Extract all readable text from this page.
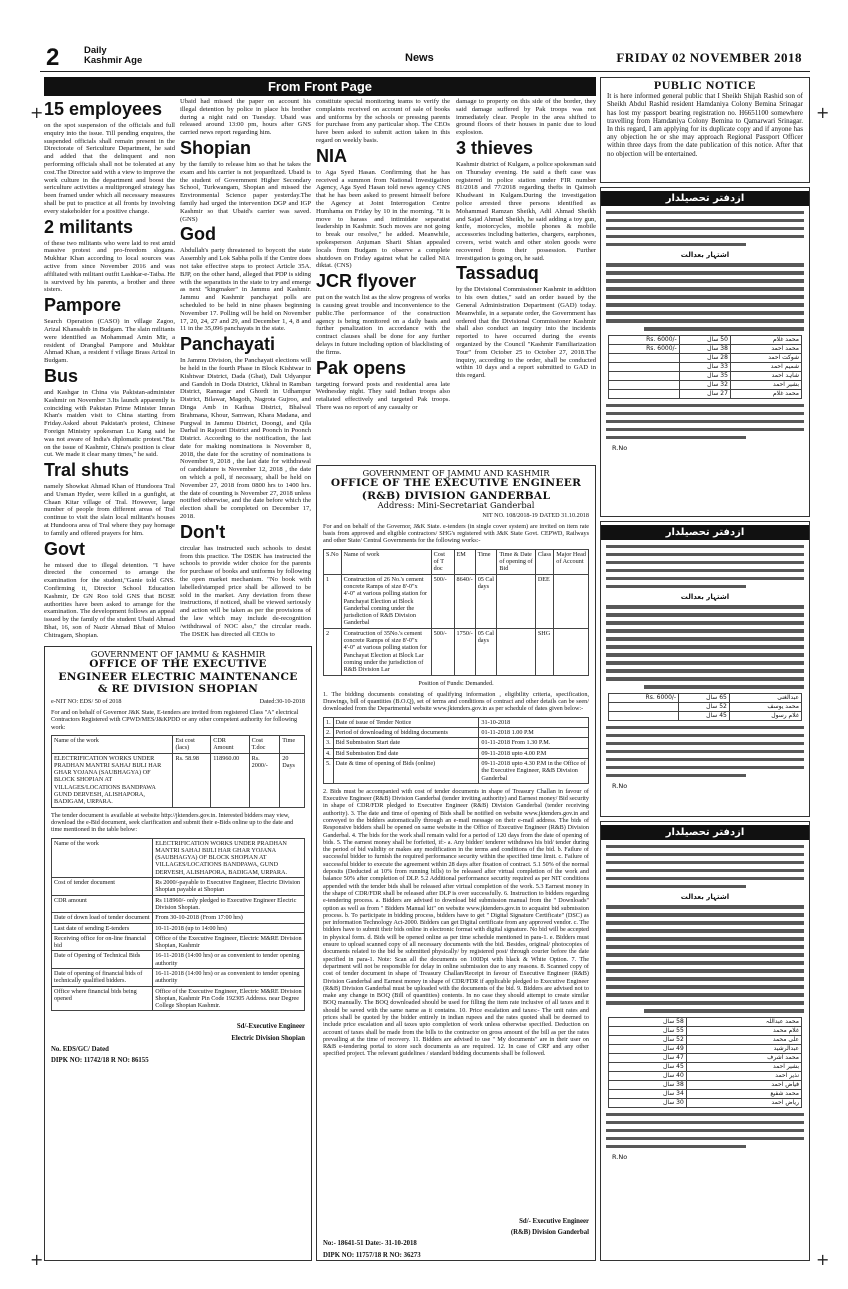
2	Daily
Kashmir Age	News	FRIDAY 02 NOVEMBER 2018
From Front Page
15 employees

on the spot suspension of the officials and full enquiry into the issue. Till pending enquires, the suspended officials shall remain present in the Directorate of Sericulture Department, he said and added that the delinquent and non performing officials shall not be tolerated at any cost.The Director said with a view to improve the work culture in the department and boost the sericulture activities a multipronged strategy has been framed under which all necessary measures shall be put to practice at all fronts by involving every stakeholder for a positive change.

2 militants

of these two militants who were laid to rest amid massive protest and pro-freedom slogans. Mukhtar Khan according to local sources was active from since November 2016 and was affiliated with militant outfit Lashkar-e-Taiba. He is survived by his parents, a brother and three sisters.

Pampore

Search Operation (CASO) in village Zagoo, Arizal Khansahib in Budgam. The slain militants were identified as Mohammad Amin Mir, a resident of Drangbal Pampore and Mukhtar Ahmad Khan, a resident f village Brass Arizal in Budgam.

Bus

and Kashgar in China via Pakistan-administer Kashmir on November 3.Its launch apparently is coinciding with Pakistan Prime Minister Imran Khan's maiden visit to China starting from Friday.Asked about Pakistan's protest, Chinese Foreign Ministry spokesman Lu Kang said he was not aware of India's diplomatic protest."But on the issue of Kashmir, China's position is clear cut. We made it clear many times," he said.

Tral shuts

namely Showkat Ahmad Khan of Hundoora Tral and Usman Hyder, were killed in a gunfight, at Chaan Kitar village of Tral. However, large number of people from different areas of Tral continue to visit the slain local militant's houses at Hundoora area of Tral where they pay homage to family and offered prayers for him.

Govt

he missed due to illegal detention. "I have directed the concerned to arrange the examination for the student,"Ganie told GNS. Confirming it, Director School Education Kashmir, Dr GN Roo told GNS that BOSE authorities have been asked to arrange for the examination. The development follows an appeal issued by the family of the student Ubaid Ahmad Bhat, 16, son of Nazir Ahmad Bhat of Muloo Chitragam, Shopian.

Ubaid had missed the paper on account his illegal detention by police in place his brother during a night raid on Tuesday. Ubaid was released around 13:00 pm, hours after GNS carried news report regarding him.

Shopian

by the family to release him so that he takes the exam and his carrier is not jeopardized. Ubaid is the student of Government Higher Secondary School, Turkwangam, Shopian and missed the Environmental Science paper yesterday.The family had urged the intervention DGP and IGP Kashmir so that Ubaid's carrier was saved. (GNS)

God

Abdullah's party threatened to boycott the state Assembly and Lok Sabha polls if the Centre does not take effective steps to protect Article 35A. BJP, on the other hand, alleged that PDP is siding with the separatists in the state to try and emerge as next "kingmaker" in Jammu and Kashmir. Jammu and Kashmir panchayat polls are scheduled to be held in nine phases beginning November 17. Polling will be held on November 17, 20, 24, 27 and 29, and December 1, 4, 8 and 11 in the 35,096 panchayats in the state.

Panchayati

In Jammu Division, the Panchayati elections will be held in the fourth Phase in Block Kishtwar in Kishtwar District, Dada (Ghat), Dali Udyanpur and Gandoh in Doda District, Ukhral in Ramban District, Rannagar and Ghordi in Udhampur District, Bilawar, Magoth, Nagrota Gujroo, and Dinga Amb in Kathua District, Bhalwal Brahmana, Khour, Samwan, Khara Madana, and Purgwal in Jammu District, Doongi, and Qila Darhal in Rajouri District and Poonch in Poonch District. According to the notification, the last date for making nominations is November 8, 2018, the date for the scrutiny of nominations is November 9, 2018 , the last date for withdrawal of candidature is November 12, 2018 , the date on which a poll, if necessary, shall be held on November 27, 2018 from 0800 hrs to 1400 hrs. the date of counting is November 27, 2018 unless notified otherwise, and the date before which the election shall be completed on December 17, 2018.

Don't

circular has instructed such schools to desist from this practice. The DSEK has instructed the schools to provide wider choice for the parents for purchase of books and uniforms by following the open market mechanism. "No book with labelled/stamped price shall be allowed to be sold in the market. Any deviation from these instructions, if noticed, shall be viewed seriously and action will be taken as per the provisions of the law which may include de-recognition /withdrawal of NOC also," the circular reads. The DSEK has directed all CEOs to

constitute special monitoring teams to verify the complaints received on account of sale of books and uniforms by the schools or pressing parents for purchase from any particular shop. The CEOs have been asked to submit action taken in this regard on weekly basis.

NIA

to Aga Syed Hasan. Confirming that he has received a summon from National Investigation Agency, Aga Syed Hasan told news agency CNS that he has been asked to present himself before the Agency at Joint Interrogation Centre Humhama on Friday by 10 in the morning. "It is move to harass and intimidate separatist leadership in Kashmir. Such moves are not going to break our resolve," he added. Meanwhile, spokesperson Anjuman Sharii Shian appealed locals from Budgam to observe a complete shutdown on Friday against what he called NIA diktat. (CNS)

JCR flyover

put on the watch list as the slow progress of works is causing great trouble and inconvenience to the public.The performance of the construction agency is being monitored on a daily basis and further penalization in accordance with the contract clauses shall be done for any further delays in future including option of blacklisting of the firms.

Pak opens

targeting forward posts and residential area late Wednesday night. They said Indian troops also retaliated effectively and targeted Pak troops. There was no report of any casualty or

damage to property on this side of the border, they said damage suffered by Pak troops was not immediately clear. People in the area shifted to ground floors of their houses in panic due to loud explosion.

3 thieves

Kashmir district of Kulgam, a police spokesman said on Thursday evening. He said a theft case was registered in police station under FIR number 81/2018 and 77/2018 regarding thefts in Qaimoh Khudwani in Kulgam.During the investigation police arrested three persons identified as Mohammad Ramzan Sheikh, Adil Ahmad Sheikh and Sajad Ahmad Sheikh, he said adding a toy gun, knife, motorcycles, mobile phones & mobile accessories including batteries, chargers, earphones, covers, wrist watch and other stolen goods were recovered from their possession. Further investigation is going on, he said.

Tassaduq

by the Divisional Commissioner Kashmir in addition to his own duties," said an order issued by the General Administration Department (GAD) today. Meanwhile, in a separate order, the Government has ordered that the Divisional Commissioner Kashmir shall also conduct an inquiry into the incidents reported to have occurred during the events organized by the Council "Kashmir Familiarization Tour" from October 25 to October 27, 2018.The inquiry, according to the order, shall be conducted within 10 days and a report submitted to GAD in this regard.

GOVERNMENT OF JAMMU & KASHMIR
OFFICE OF THE EXECUTIVE
ENGINEER ELECTRIC MAINTENANCE
& RE DIVISION SHOPIAN
e-NIT NO: EDS/ 50 of 2018	Dated:30-10-2018
For and on behalf of Governor J&K State, E-tenders are invited from registered Class "A" electrical Contractors Registered with CPWD/MES/J&KPDD or any other competent authority for following work:
Name of the work	Est cost (lacs)	CDR Amount	Cost T.doc	Time
ELECTRIFICATION WORKS UNDER PRADHAN MANTRI SAHAJ BIJLI HAR GHAR YOJANA (SAUBHAGYA) OF BLOCK SHOPIAN AT VILLAGES/LOCATIONS BANDPAWA GUND DERVESH, ALISHAPORA, BADIGAM, URPARA.	Rs. 58.98	118960.00	Rs. 2000/-	20 Days
The tender document is available at website http://jktenders.gov.in. Interested bidders may view, download the e-Bid document, seek clarification and submit their e-Bids online up to the date and time mentioned in the table below:
Name of the work	ELECTRIFICATION WORKS UNDER PRADHAN MANTRI SAHAJ BIJLI HAR GHAR YOJANA (SAUBHAGYA) OF BLOCK SHOPIAN AT VILLAGES/LOCATIONS BANDPAWA, GUND DERVESH, ALISHAPORA, BADIGAM, URPARA.
Cost of tender document	Rs 2000/-payable to Executive Engineer, Electric Division Shopian payable at Shopian
CDR amount	Rs 118960/- only pledged to Executive Engineer Electric Division Shopian.
Date of down load of tender document	From 30-10-2018 (From 17:00 hrs)
Last date of sending E-tenders	10-11-2018 (up to 14:00 hrs)
Receiving office for on-line financial bid	Office of the Executive Engineer, Electric M&RE Division Shopian, Kashmir
Date of Opening of Technical Bids	16-11-2018 (14:00 hrs) or as convenient to tender opening authority
Date of opening of financial bids of technically qualified bidders.	16-11-2018 (14:00 hrs) or as convenient to tender opening authority
Office where financial bids being opened	Office of the Executive Engineer, Electric M&RE Division Shopian, Kashmir Pin Code 192305 Address. near Degree College Shopian Kashmir.
Sd/-Executive Engineer
Electric Division Shopian
No. EDS/GC/ Dated
DIPK NO: 11742/18 R NO: 86155
GOVERNMENT OF JAMMU AND KASHMIR
OFFICE OF THE EXECUTIVE ENGINEER
(R&B) DIVISION GANDERBAL
Address: Mini-Secretariat Ganderbal
NIT NO. 108/2018-19 DATED 31.10.2018
For and on behalf of the Governor, J&K State. e-tenders (in single cover system) are invited on item rate basis from approved and eligible contractors/ SHG's registered with J&K State Govt. CEPWD, Railways and other State/ Central Governments for the following works:-
S.No	Name of work	Cost of T doc	EM	Time	Time & Date of opening of Bid	Class	Major Head of Account
1	Construction of 26 No.'s cement concrete Ramps of size 8'-0"x 4'-0" at various polling station for Panchayat Election at Block Ganderbal coming under the jurisdiction of R&B Division Ganderbal	500/-	8640/-	05 Cal days		DEE	
2	Construction of 35No.'s cement concrete Ramps of size 8'-0"x 4'-0" at various polling station for Panchayat Election at Block Lar coming under the jurisdiction of R&B Division Lar	500/-	1750/-	05 Cal days		SHG	
Position of Funds: Demanded.
1. The bidding documents consisting of qualifying information , eligibility criteria, specification, Drawings, bill of quantities (B.O.Q), set of terms and conditions of contract and other details can be seen/ downloaded from the Departmental website www.jktenders.gov.in as per schedule of dates given below:-
1.	Date of issue of Tender Notice	31-10-2018
2.	Period of downloading of bidding documents	01-11-2018 1.00 P.M
3.	Bid Submission Start date	01-11-2018 From 1.30 P.M.
4.	Bid Submission End date	09-11-2018 upto 4.00 P.M
5.	Date & time of opening of Bids (online)	09-11-2018 upto 4.30 P.M in the Office of the Executive Engineer, R&B Division Ganderbal
2. Bids must be accompanied with cost of tender documents in shape of Treasury Challan in favour of Executive Engineer (R&B) Division Ganderbal (tender inviting authority) and Earnest money/ Bid security in shape of CDR/FDR pledged to Executive Engineer (R&B) Division Ganderbal (tender receiving authority). 3. The date and time of opening of Bids shall be notified on website www.jktenders.gov.in and conveyed to the bidders automatically through an e-mail message on their e-mail address. The bids of Responsive bidders shall be opened on same website in the Office of Executive Engineer (R&B) Division Ganderbal. 4. The bids for the work shall remain valid for a period of 120 days from the date of opening of bids. 5. The earnest money shall be forfeited, if:- a. Any bidder/ tenderer withdraws his bid/ tender during the period of bid validity or makes any modification in the terms and conditions of the bid. b. Failure of successful bidder to furnish the required performance security within the specified time limit. c. Failure of successful bidder to execute the agreement within 28 days after fixation of contract. 5.1 50% of the normal deposits (Deducted at 10% from running bills) to be released after virtual completion of the work and balance 50% after completion of DLP. 5.2 Additional performance security required as per NIT conditions appended with the tender bids shall be released after virtual completion of the work. 5.3 Earnest money in the shape of CDR/FDR shall be released after DLP is over successfully. 6. Instruction to bidders regarding e-tendering process. a. Bidders are advised to download bid submission manual from the " Downloads" option as well as from " Bidders Manual kit" on website www.jktenders.gov.in to acquaint bid submission process. b. To participate in bidding process, bidders have to get " Digital Signature Certificate" (DSC) as per information Technology Act-2000. Bidders can get Digital certificate from any approved vendor. c. The bidders have to submit their bids online in electronic format with digital signature. No bid will be accepted in physical form. d. Bids will be opened online as per time schedule mentioned in para-1. e. Bidders must ensure to upload scanned copy of all necessary documents with the bid. Besides, original/ photocopies of documents related to the bid be submitted physically/ by registered post/ through courier before the date specified in para-1. Note: Scan all the documents on 100Dpi with black & White Option. 7. The department will not be responsible for delay in online submission due to any reasons. 8. Scanned copy of cost of tender document in shape of Treasury Challan/Receipt in favour of Executive Engineer (R&B) Division Ganderbal and Earnest money in shape of CDR/FDR if applicable pledged to Executive Engineer (R&B) Division Ganderbal must be uploaded with the documents of the bid. 9. Bidders are advised not to make any change in BOQ (Bill of quantities) contents. In no case they should attempt to create similar BOQ manually. The BOQ downloaded should be used for filling the item rate inclusive of all taxes and it should be saved with the same name as it contains. 10. Price escalation and taxes:- The unit rates and prices shall be quoted by the bidder entirely in indian rupees and the rates quoted shall be deemed to include price escalation and all taxes upto completion of work unless otherwise specified. Deduction on account of taxes shall be made from the bills to the contractor on gross amount of the bill as per the rates prevailing at the time of recovery. 11. Bidders are advised to use " My documents" are in their user on R&B e-tendering portal to store such documents as are required. 12. In case of CRF and any other specified project. The relevant guidelines / standard bidding documents shall be followed.
Sd/- Executive Engineer
(R&B) Division Ganderbal
No:- 18641-51 Date:- 31-10-2018
DIPK NO: 11757/18 R NO: 36273
PUBLIC NOTICE
It is here informed general public that I Sheikh Shijah Rashid son of Sheikh Abdul Rashid resident Hamdaniya Colony Bemina Srinagar has lost my passport bearing registration no. H6651100 somewhere travelling from Hamdaniya Colony Bemina to Qamarwari Srinagar. In this regard, I am applying for its duplicate copy and if anyone has any objection he or she may approach Regional Passport Officer within three days from the date publication of this notice. After that no objection will be entertained.
ازدفتر تحصیلدار
اشتہار بعدالت
محمد غلام	50 سال	Rs. 6000/-
محمد احمد	38 سال	Rs. 6000/-
شوکت احمد	28 سال	
شمیم احمد	33 سال	
شاہد احمد	35 سال	
بشیر احمد	32 سال	
محمد غلام	27 سال	
R.No
ازدفتر تحصیلدار
اشتہار بعدالت
عبدالغنی	65 سال	Rs. 6000/-
محمد یوسف	52 سال	
غلام رسول	45 سال	
R.No
ازدفتر تحصیلدار
اشتہار بعدالت
محمد عبداللہ	58 سال
غلام محمد	55 سال
علی محمد	52 سال
عبدالرشید	49 سال
محمد اشرف	47 سال
بشیر احمد	45 سال
نذیر احمد	40 سال
فیاض احمد	38 سال
محمد شفیع	34 سال
ریاض احمد	30 سال
R.No
+
+
+
+
